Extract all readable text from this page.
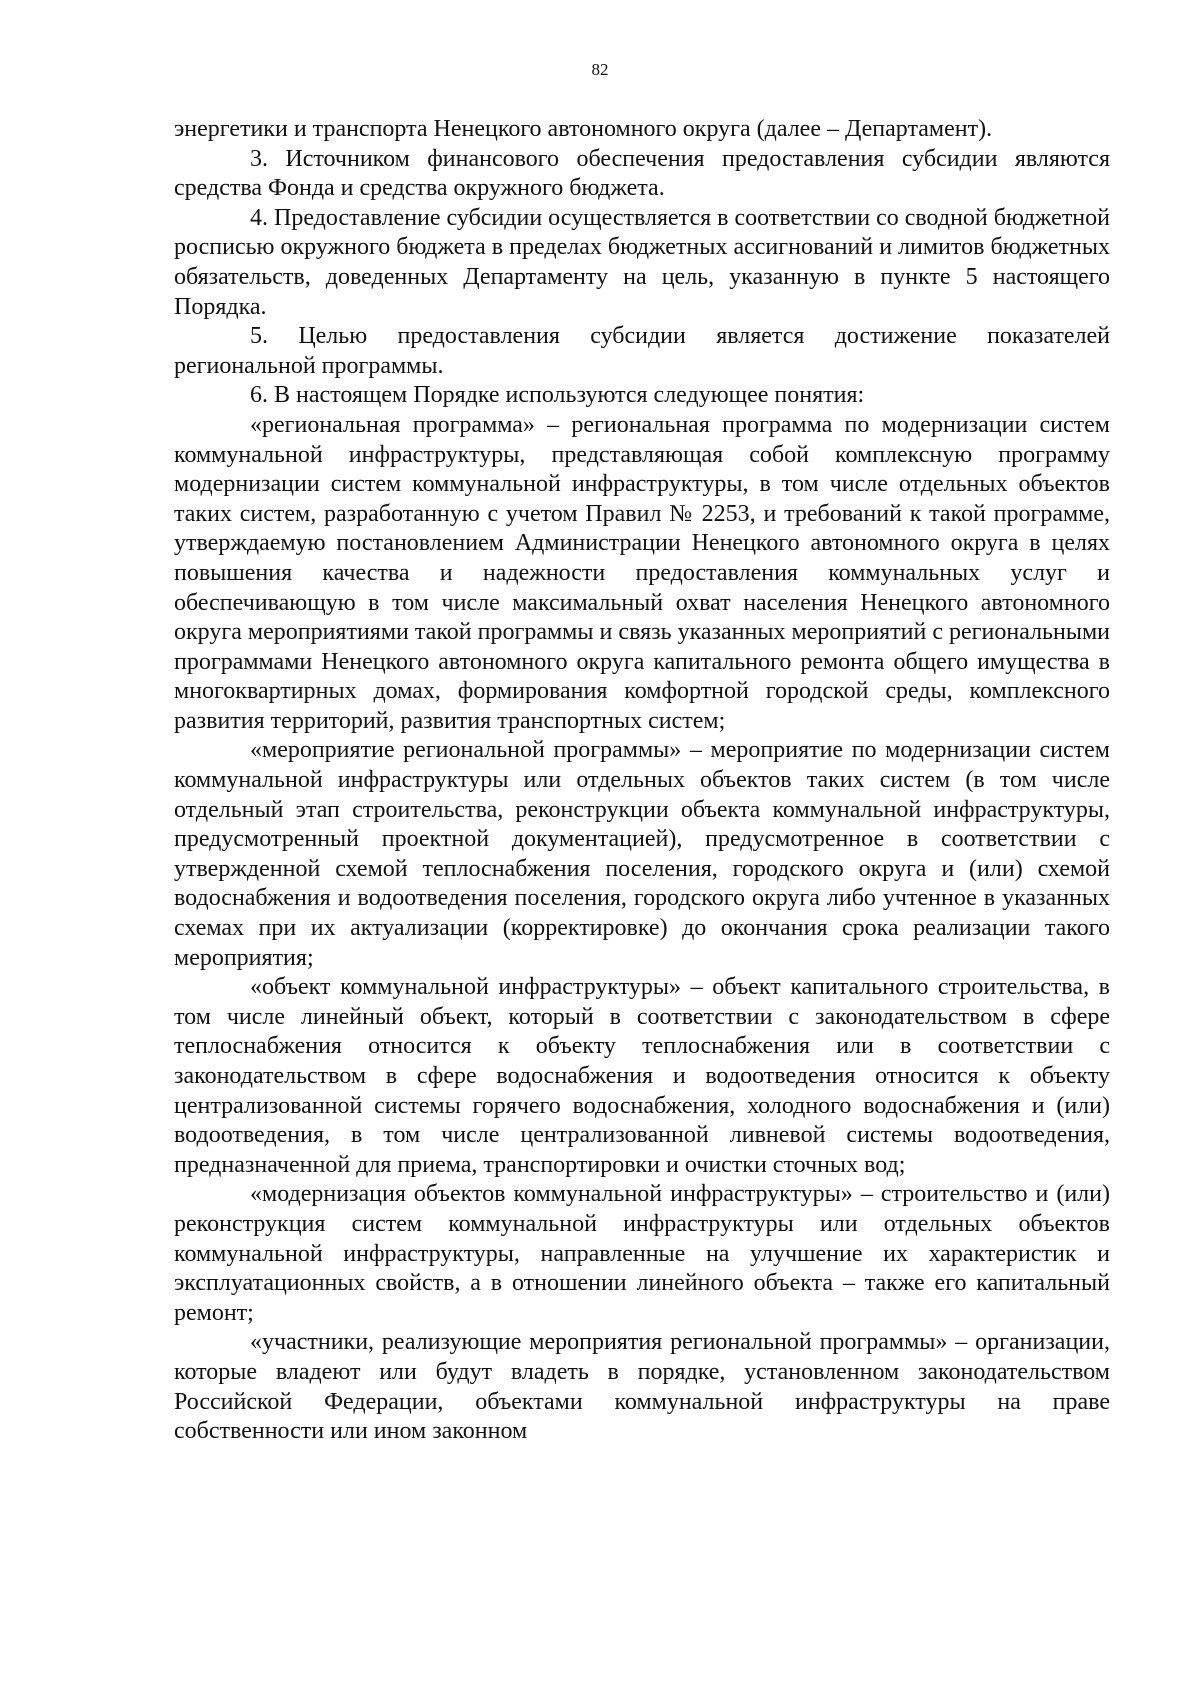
82

энергетики и транспорта Ненецкого автономного округа (далее – Департамент).

3. Источником финансового обеспечения предоставления субсидии являются средства Фонда и средства окружного бюджета.

4. Предоставление субсидии осуществляется в соответствии со сводной бюджетной росписью окружного бюджета в пределах бюджетных ассигнований и лимитов бюджетных обязательств, доведенных Департаменту на цель, указанную в пункте 5 настоящего Порядка.

5. Целью предоставления субсидии является достижение показателей региональной программы.

6. В настоящем Порядке используются следующее понятия:

«региональная программа» – региональная программа по модернизации систем коммунальной инфраструктуры, представляющая собой комплексную программу модернизации систем коммунальной инфраструктуры, в том числе отдельных объектов таких систем, разработанную с учетом Правил № 2253, и требований к такой программе, утверждаемую постановлением Администрации Ненецкого автономного округа в целях повышения качества и надежности предоставления коммунальных услуг и обеспечивающую в том числе максимальный охват населения Ненецкого автономного округа мероприятиями такой программы и связь указанных мероприятий с региональными программами Ненецкого автономного округа капитального ремонта общего имущества в многоквартирных домах, формирования комфортной городской среды, комплексного развития территорий, развития транспортных систем;

«мероприятие региональной программы» – мероприятие по модернизации систем коммунальной инфраструктуры или отдельных объектов таких систем (в том числе отдельный этап строительства, реконструкции объекта коммунальной инфраструктуры, предусмотренный проектной документацией), предусмотренное в соответствии с утвержденной схемой теплоснабжения поселения, городского округа и (или) схемой водоснабжения и водоотведения поселения, городского округа либо учтенное в указанных схемах при их актуализации (корректировке) до окончания срока реализации такого мероприятия;

«объект коммунальной инфраструктуры» – объект капитального строительства, в том числе линейный объект, который в соответствии с законодательством в сфере теплоснабжения относится к объекту теплоснабжения или в соответствии с законодательством в сфере водоснабжения и водоотведения относится к объекту централизованной системы горячего водоснабжения, холодного водоснабжения и (или) водоотведения, в том числе централизованной ливневой системы водоотведения, предназначенной для приема, транспортировки и очистки сточных вод;

«модернизация объектов коммунальной инфраструктуры» – строительство и (или) реконструкция систем коммунальной инфраструктуры или отдельных объектов коммунальной инфраструктуры, направленные на улучшение их характеристик и эксплуатационных свойств, а в отношении линейного объекта – также его капитальный ремонт;

«участники, реализующие мероприятия региональной программы» – организации, которые владеют или будут владеть в порядке, установленном законодательством Российской Федерации, объектами коммунальной инфраструктуры на праве собственности или ином законном
